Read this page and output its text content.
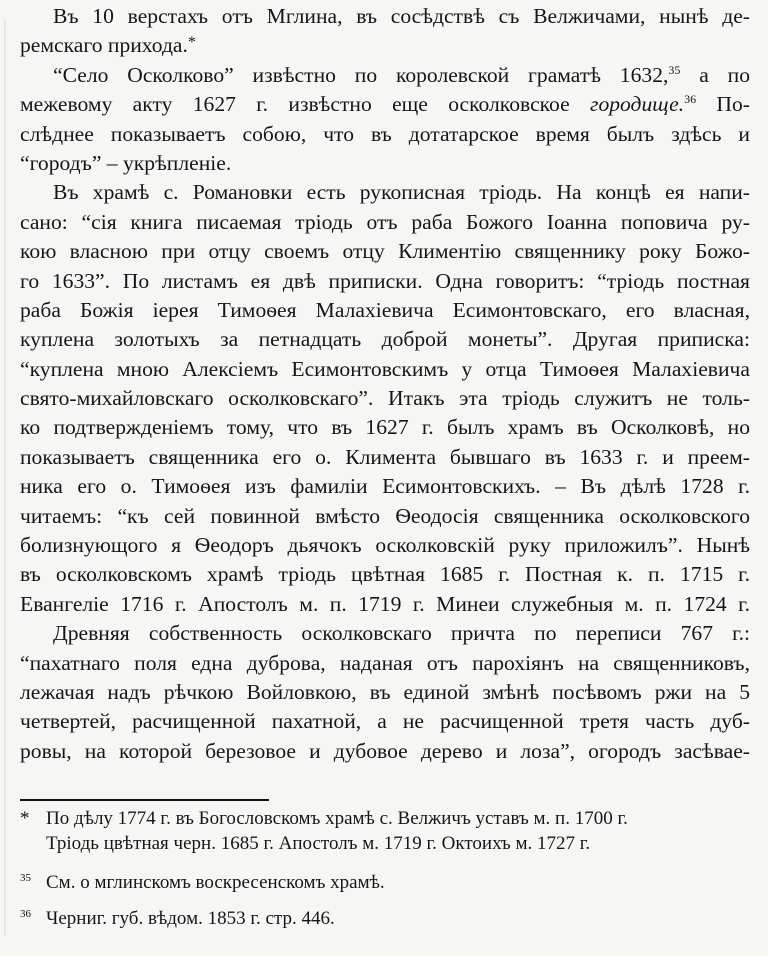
Въ 10 верстахъ отъ Мглина, въ сосѣдствѣ съ Велжичами, нынѣ де-
ремскаго прихода.*
“Село Осколково” извѣстно по королевской граматѣ 1632,35 а по
межевому акту 1627 г. извѣстно еще осколковское городище.$^{36}$ По-
слѣднее показываетъ собою, что въ дотатарское время былъ здѣсь и
“городъ” – укрѣпленіе.
Въ храмѣ с. Романовки есть рукописная тріодь. На концѣ ея напи-
сано: “сія книга писаемая тріодь отъ раба Божого Іоанна поповича ру-
кою власною при отцу своемъ отцу Климентію священнику року Божо-
го 1633”. По листамъ ея двѣ приписки. Одна говоритъ: “тріодь постная
раба Божія іерея Тимоѳея Малахіевича Есимонтовскаго, его власная,
куплена золотыхъ за петнадцать доброй монеты”. Другая приписка:
“куплена мною Алексіемъ Есимонтовскимъ у отца Тимоѳея Малахіевича
свято-михайловскаго осколковскаго”. Итакъ эта тріодь служитъ не толь-
ко подтвержденіемъ тому, что въ 1627 г. былъ храмъ въ Осколковѣ, но
показываетъ священника его о. Климента бывшаго въ 1633 г. и преем-
ника его о. Тимоѳея изъ фамиліи Есимонтовскихъ. – Въ дѣлѣ 1728 г.
читаемъ: “къ сей повинной вмѣсто Ѳеодосія священника осколковского
болизнующого я Ѳеодоръ дьячокъ осколковскій руку приложилъ”. Нынѣ
въ осколковскомъ храмѣ тріодь цвѣтная 1685 г. Постная к. п. 1715 г.
Евангеліе 1716 г. Апостолъ м. п. 1719 г. Минеи служебныя м. п. 1724 г.
Древняя собственность осколковскаго причта по переписи 767 г.:
“пахатнаго поля една дуброва, наданая отъ парохіянъ на священниковъ,
лежачая надъ рѣчкою Войловкою, въ единой змѣнѣ посѣвомъ ржи на 5
четвертей, расчищенной пахатной, а не расчищенной третя часть дуб-
ровы, на которой березовое и дубовое дерево и лоза”, огородъ засѣвае-
* По дѣлу 1774 г. въ Богословскомъ храмѣ с. Велжичъ уставъ м. п. 1700 г.
Тріодь цвѣтная черн. 1685 г. Апостолъ м. 1719 г. Октоихъ м. 1727 г.
$^{35}$ См. о мглинскомъ воскресенскомъ храмѣ.
$^{36}$ Черниг. губ. вѣдом. 1853 г. стр. 446.
